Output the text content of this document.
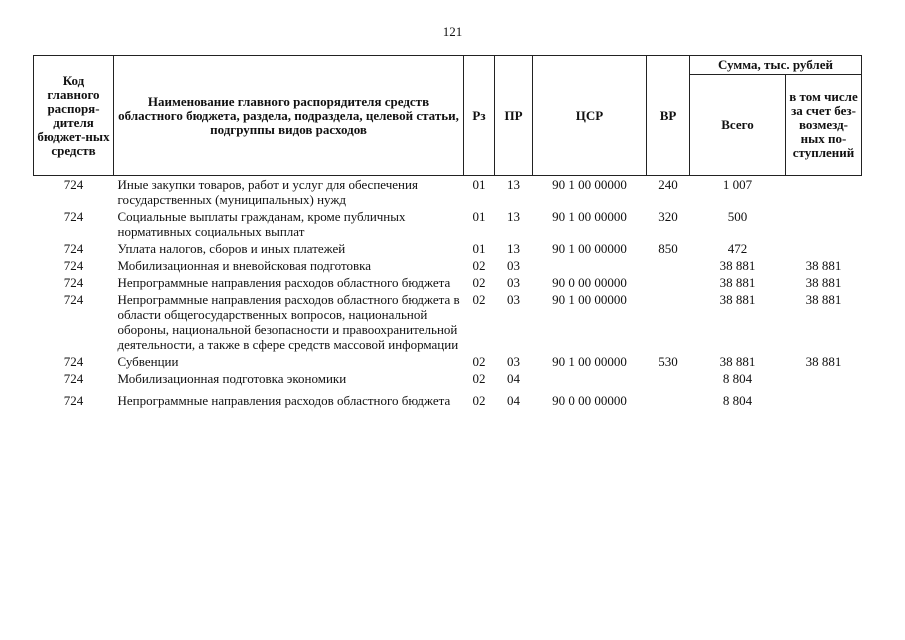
121
Код главного распоря-дителя бюджет-ных средств	Наименование главного распорядителя средств областного бюджета, раздела, подраздела, целевой статьи, подгруппы видов расходов	Рз	ПР	ЦСР	ВР	Сумма, тыс. рублей	
						Всего	в том числе за счет без-возмезд-ных по-ступлений
724	Иные закупки товаров, работ и услуг для обеспечения государственных (муниципальных) нужд	01	13	90 1 00 00000	240	1 007	
724	Социальные выплаты гражданам, кроме публичных нормативных социальных выплат	01	13	90 1 00 00000	320	500	
724	Уплата налогов, сборов и иных платежей	01	13	90 1 00 00000	850	472	
724	Мобилизационная и вневойсковая подготовка	02	03			38 881	38 881
724	Непрограммные направления расходов областного бюджета	02	03	90 0 00 00000		38 881	38 881
724	Непрограммные направления расходов областного бюджета в области общегосударственных вопросов, национальной обороны, национальной безопасности и правоохранительной деятельности, а также в сфере средств массовой информации	02	03	90 1 00 00000		38 881	38 881
724	Субвенции	02	03	90 1 00 00000	530	38 881	38 881
724	Мобилизационная подготовка экономики	02	04			8 804	
724	Непрограммные направления расходов областного бюджета	02	04	90 0 00 00000		8 804	
